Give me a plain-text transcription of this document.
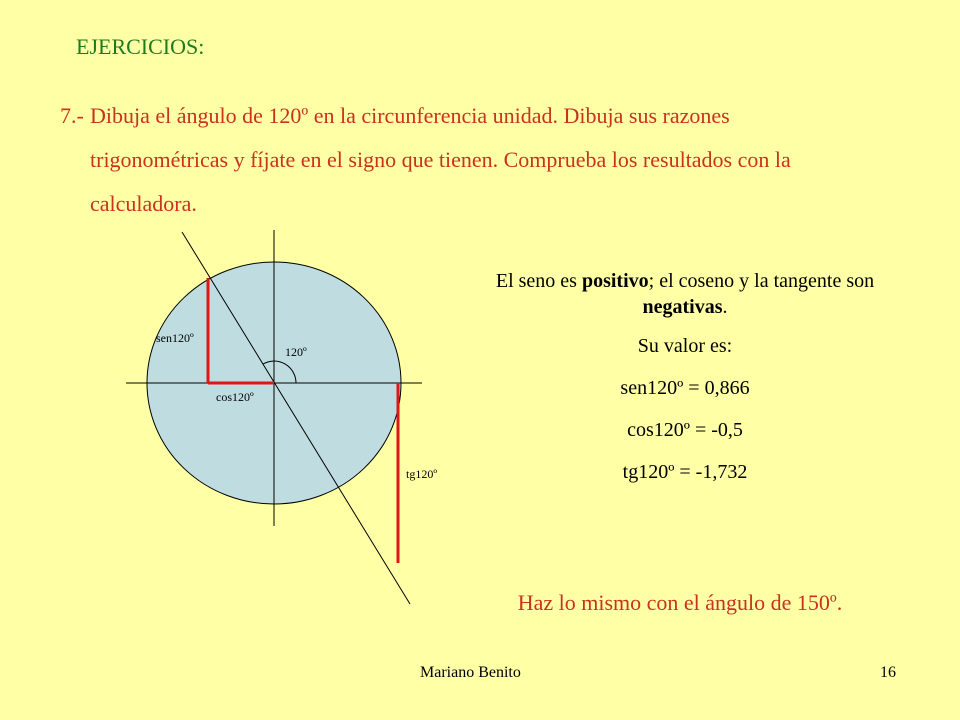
EJERCICIOS:
7.- Dibuja el ángulo de 120º en la circunferencia unidad. Dibuja sus razones
trigonométricas y fíjate en el signo que tienen. Comprueba los resultados con la
calculadora.
sen120º
cos120º
tg120º
120º
El seno es positivo; el coseno y la tangente son negativas.
Su valor es:
sen120º = 0,866
cos120º = -0,5
tg120º = -1,732
Haz lo mismo con el ángulo de 150º.
Mariano Benito	16
